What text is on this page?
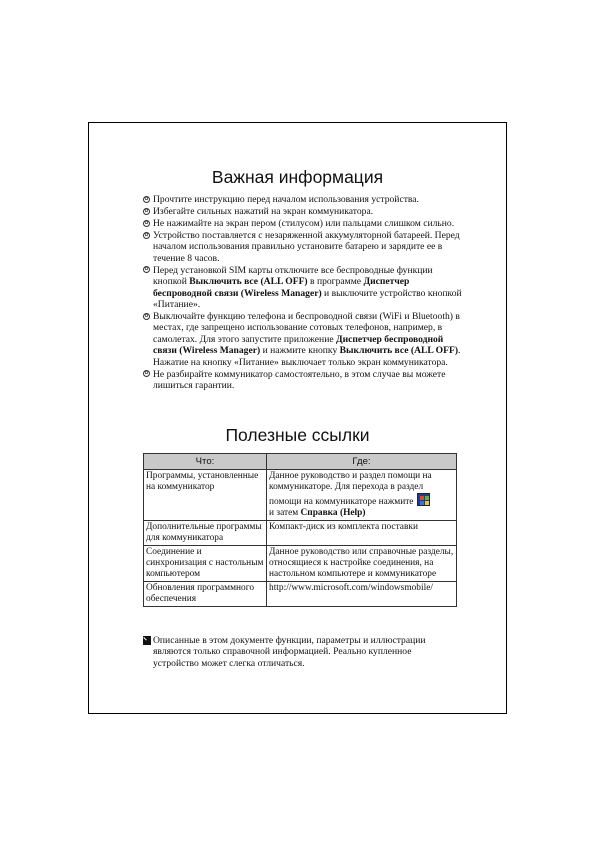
Важная информация
✿ Прочтите инструкцию перед началом использования устройства.
✿ Избегайте сильных нажатий на экран коммуникатора.
✿ Не нажимайте на экран пером (стилусом) или пальцами слишком сильно.
✿ Устройство поставляется с незаряженной аккумуляторной батареей. Перед началом использования правильно установите батарею и зарядите ее в течение 8 часов.
✿ Перед установкой SIM карты отключите все беспроводные функции кнопкой Выключить все (ALL OFF) в программе Диспетчер беспроводной связи (Wireless Manager) и выключите устройство кнопкой «Питание».
✿ Выключайте функцию телефона и беспроводной связи (WiFi и Bluetooth) в местах, где запрещено использование сотовых телефонов, например, в самолетах. Для этого запустите приложение Диспетчер беспроводной связи (Wireless Manager) и нажмите кнопку Выключить все (ALL OFF). Нажатие на кнопку «Питание» выключает только экран коммуникатора.
✿ Не разбирайте коммуникатор самостоятельно, в этом случае вы можете лишиться гарантии.
Полезные ссылки
Что:	Где:
Программы, установленные на коммуникатор	Данное руководство и раздел помощи на коммуникаторе. Для перехода в раздел помощи на коммуникаторе нажмите

и затем Справка (Help)
Дополнительные программы для коммуникатора	Компакт-диск из комплекта поставки
Соединение и синхронизация с настольным компьютером	Данное руководство или справочные разделы, относящиеся к настройке соединения, на настольном компьютере и коммуникаторе
Обновления программного обеспечения	http://www.microsoft.com/windowsmobile/
Описанные в этом документе функции, параметры и иллюстрации являются только справочной информацией. Реально купленное устройство может слегка отличаться.
